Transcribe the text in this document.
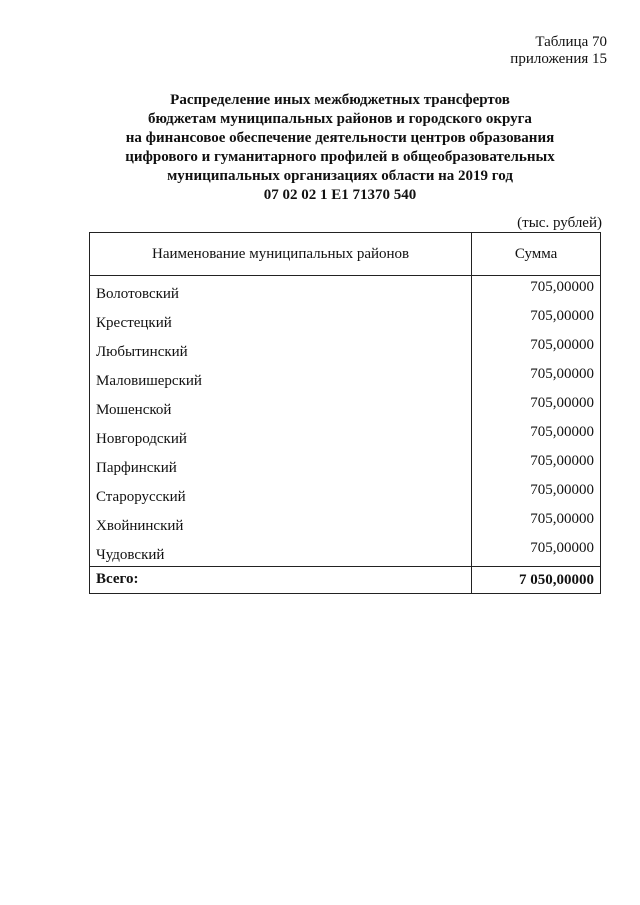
Таблица 70
приложения 15
Распределение иных межбюджетных трансфертов
бюджетам муниципальных районов и городского округа
на финансовое обеспечение деятельности центров образования
цифрового и гуманитарного профилей в общеобразовательных
муниципальных организациях области на 2019 год
07 02 02 1 E1 71370 540
(тыс. рублей)
Наименование муниципальных районов	Сумма
Волотовский	705,00000
Крестецкий	705,00000
Любытинский	705,00000
Маловишерский	705,00000
Мошенской	705,00000
Новгородский	705,00000
Парфинский	705,00000
Старорусский	705,00000
Хвойнинский	705,00000
Чудовский	705,00000
Всего:	7 050,00000
